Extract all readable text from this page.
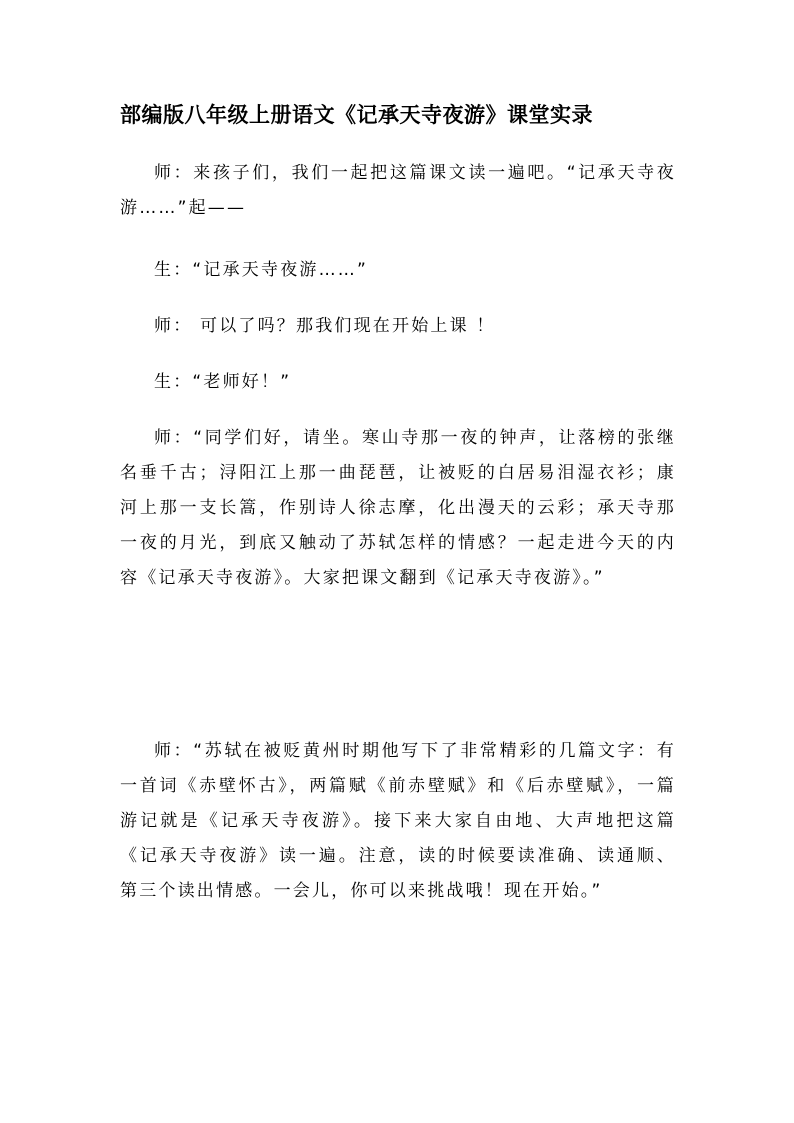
部编版八年级上册语文《记承天寺夜游》课堂实录

师：来孩子们，我们一起把这篇课文读一遍吧。“记承天寺夜游……”起——

生：“记承天寺夜游……”

师： 可以了吗？那我们现在开始上课 ！

生：“老师好！”

师：“同学们好，请坐。寒山寺那一夜的钟声，让落榜的张继名垂千古；浔阳江上那一曲琵琶，让被贬的白居易泪湿衣衫；康河上那一支长篙，作别诗人徐志摩，化出漫天的云彩；承天寺那一夜的月光，到底又触动了苏轼怎样的情感？一起走进今天的内容《记承天寺夜游》。大家把课文翻到《记承天寺夜游》。”

师：“苏轼在被贬黄州时期他写下了非常精彩的几篇文字：有一首词《赤壁怀古》，两篇赋《前赤壁赋》和《后赤壁赋》，一篇游记就是《记承天寺夜游》。接下来大家自由地、大声地把这篇《记承天寺夜游》读一遍。注意，读的时候要读准确、读通顺、第三个读出情感。一会儿，你可以来挑战哦！现在开始。”
